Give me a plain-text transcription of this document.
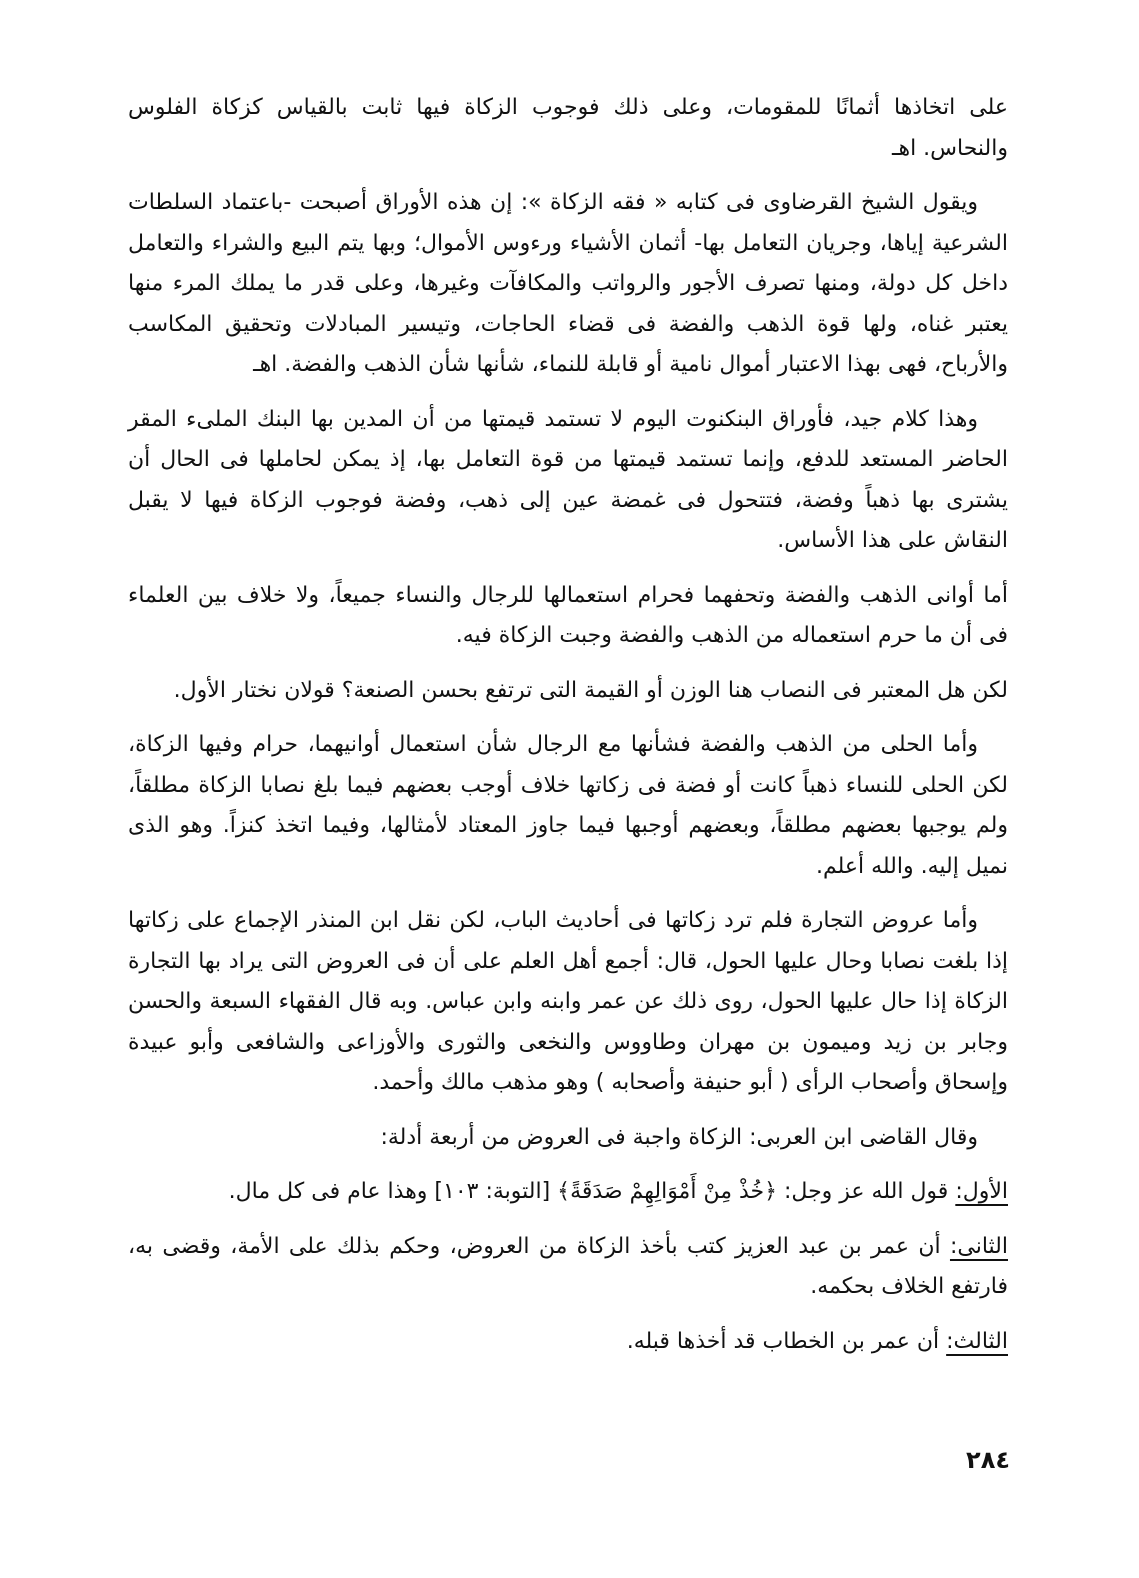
على اتخاذها أثمانًا للمقومات، وعلى ذلك فوجوب الزكاة فيها ثابت بالقياس كزكاة الفلوس والنحاس. اهـ

ويقول الشيخ القرضاوى فى كتابه « فقه الزكاة »: إن هذه الأوراق أصبحت -باعتماد السلطات الشرعية إياها، وجريان التعامل بها- أثمان الأشياء ورءوس الأموال؛ وبها يتم البيع والشراء والتعامل داخل كل دولة، ومنها تصرف الأجور والرواتب والمكافآت وغيرها، وعلى قدر ما يملك المرء منها يعتبر غناه، ولها قوة الذهب والفضة فى قضاء الحاجات، وتيسير المبادلات وتحقيق المكاسب والأرباح، فهى بهذا الاعتبار أموال نامية أو قابلة للنماء، شأنها شأن الذهب والفضة. اهـ

وهذا كلام جيد، فأوراق البنكنوت اليوم لا تستمد قيمتها من أن المدين بها البنك الملىء المقر الحاضر المستعد للدفع، وإنما تستمد قيمتها من قوة التعامل بها، إذ يمكن لحاملها فى الحال أن يشترى بها ذهباً وفضة، فتتحول فى غمضة عين إلى ذهب، وفضة فوجوب الزكاة فيها لا يقبل النقاش على هذا الأساس.

أما أوانى الذهب والفضة وتحفهما فحرام استعمالها للرجال والنساء جميعاً، ولا خلاف بين العلماء فى أن ما حرم استعماله من الذهب والفضة وجبت الزكاة فيه.

لكن هل المعتبر فى النصاب هنا الوزن أو القيمة التى ترتفع بحسن الصنعة؟ قولان نختار الأول.

وأما الحلى من الذهب والفضة فشأنها مع الرجال شأن استعمال أوانيهما، حرام وفيها الزكاة، لكن الحلى للنساء ذهباً كانت أو فضة فى زكاتها خلاف أوجب بعضهم فيما بلغ نصابا الزكاة مطلقاً، ولم يوجبها بعضهم مطلقاً، وبعضهم أوجبها فيما جاوز المعتاد لأمثالها، وفيما اتخذ كنزاً. وهو الذى نميل إليه. والله أعلم.

وأما عروض التجارة فلم ترد زكاتها فى أحاديث الباب، لكن نقل ابن المنذر الإجماع على زكاتها إذا بلغت نصابا وحال عليها الحول، قال: أجمع أهل العلم على أن فى العروض التى يراد بها التجارة الزكاة إذا حال عليها الحول، روى ذلك عن عمر وابنه وابن عباس. وبه قال الفقهاء السبعة والحسن وجابر بن زيد وميمون بن مهران وطاووس والنخعى والثورى والأوزاعى والشافعى وأبو عبيدة وإسحاق وأصحاب الرأى ( أبو حنيفة وأصحابه ) وهو مذهب مالك وأحمد.

وقال القاضى ابن العربى: الزكاة واجبة فى العروض من أربعة أدلة:

الأول: قول الله عز وجل: ﴿خُذْ مِنْ أَمْوَالِهِمْ صَدَقَةً﴾ [التوبة: ١٠٣] وهذا عام فى كل مال.

الثانى: أن عمر بن عبد العزيز كتب بأخذ الزكاة من العروض، وحكم بذلك على الأمة، وقضى به، فارتفع الخلاف بحكمه.

الثالث: أن عمر بن الخطاب قد أخذها قبله.

٢٨٤
